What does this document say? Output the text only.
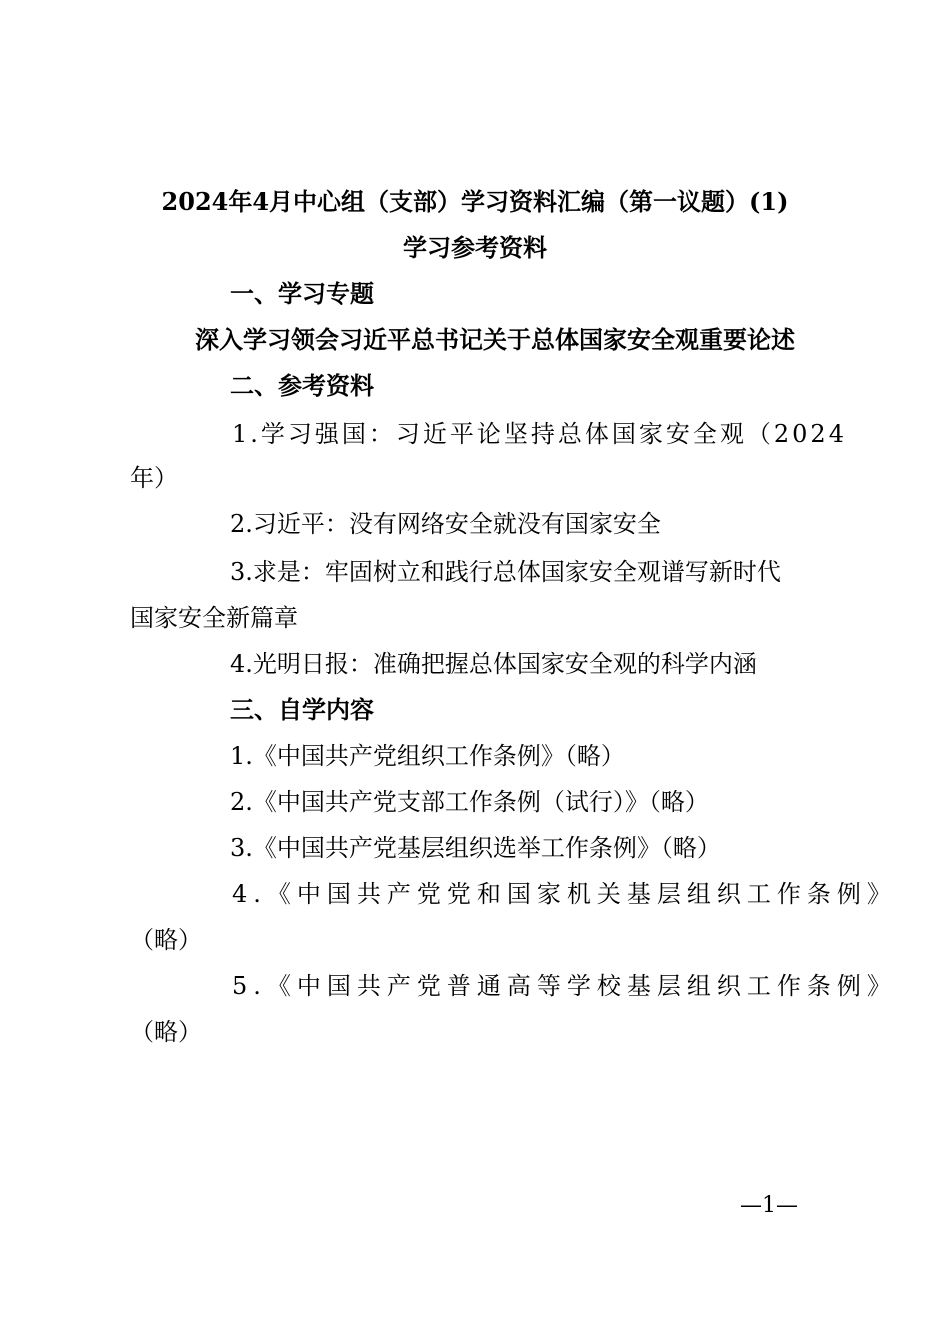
2024年4月中心组（支部）学习资料汇编（第一议题）(1)
学习参考资料
一、学习专题
深入学习领会习近平总书记关于总体国家安全观重要论述
二、参考资料
1.学习强国：习近平论坚持总体国家安全观（2024
年）
2.习近平：没有网络安全就没有国家安全
3.求是：牢固树立和践行总体国家安全观谱写新时代
国家安全新篇章
4.光明日报：准确把握总体国家安全观的科学内涵
三、自学内容
1.《中国共产党组织工作条例》（略）
2.《中国共产党支部工作条例（试行）》（略）
3.《中国共产党基层组织选举工作条例》（略）
4.《中国共产党党和国家机关基层组织工作条例》
（略）
5.《中国共产党普通高等学校基层组织工作条例》
（略）
—1—
